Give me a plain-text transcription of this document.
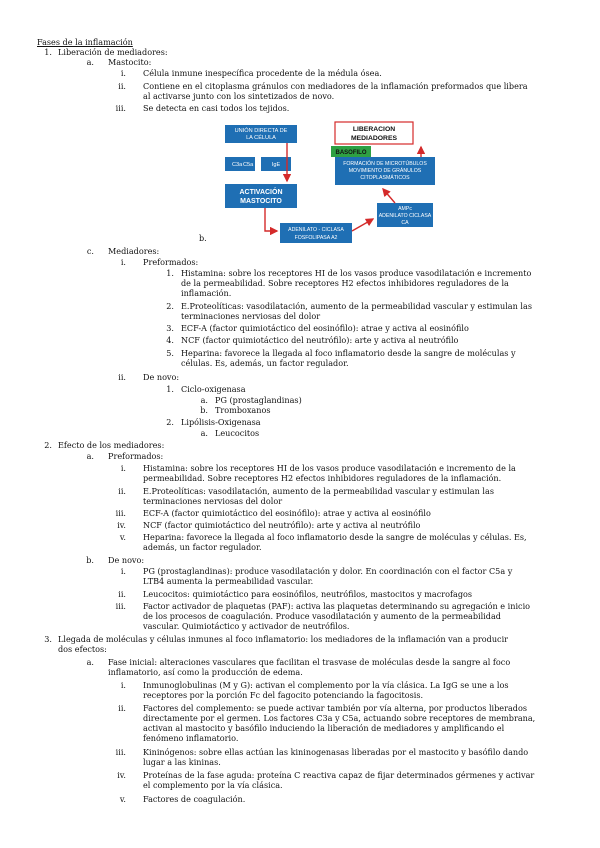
Fases de la inflamación
1. Liberación de mediadores:
a. Mastocito:
i. Célula inmune inespecífica procedente de la médula ósea.
ii. Contiene en el citoplasma gránulos con mediadores de la inflamación preformados que libera
al activarse junto con los sintetizados de novo.
iii. Se detecta en casi todos los tejidos.
UNIÓN DIRECTA DE
LA CÉLULA
C3a C5a	IgE
ACTIVACIÓN
MASTOCITO
LIBERACION
MEDIADORES
BASOFILO
FORMACIÓN DE MICROTÚBULOS
MOVIMIENTO DE GRÁNULOS
CITOPLASMÁTICOS
AMPc
ADENILATO CICLASA
CA
ADENILATO - CICLASA
FOSFOLIPASA A2
b.
c. Mediadores:
i. Preformados:
1. Histamina: sobre los receptores HI de los vasos produce vasodilatación e incremento
de la permeabilidad. Sobre receptores H2 efectos inhibidores reguladores de la
inflamación.
2. E.Proteolíticas: vasodilatación, aumento de la permeabilidad vascular y estimulan las
terminaciones nerviosas del dolor
3. ECF-A (factor quimiotáctico del eosinófilo): atrae y activa al eosinófilo
4. NCF (factor quimiotáctico del neutrófilo): arte y activa al neutrófilo
5. Heparina: favorece la llegada al foco inflamatorio desde la sangre de moléculas y
células. Es, además, un factor regulador.
ii. De novo:
1. Ciclo-oxigenasa
a. PG (prostaglandinas)
b. Tromboxanos
2. Lipólisis-Oxigenasa
a. Leucocitos
2. Efecto de los mediadores:
a. Preformados:
i. Histamina: sobre los receptores HI de los vasos produce vasodilatación e incremento de la
permeabilidad. Sobre receptores H2 efectos inhibidores reguladores de la inflamación.
ii. E.Proteolíticas: vasodilatación, aumento de la permeabilidad vascular y estimulan las
terminaciones nerviosas del dolor
iii. ECF-A (factor quimiotáctico del eosinófilo): atrae y activa al eosinófilo
iv. NCF (factor quimiotáctico del neutrófilo): arte y activa al neutrófilo
v. Heparina: favorece la llegada al foco inflamatorio desde la sangre de moléculas y células. Es,
además, un factor regulador.
b. De novo:
i. PG (prostaglandinas): produce vasodilatación y dolor. En coordinación con el factor C5a y
LTB4 aumenta la permeabilidad vascular.
ii. Leucocitos: quimiotáctico para eosinófilos, neutrófilos, mastocitos y macrofagos
iii. Factor activador de plaquetas (PAF): activa las plaquetas determinando su agregación e inicio
de los procesos de coagulación. Produce vasodilatación y aumento de la permeabilidad
vascular. Quimiotáctico y activador de neutrófilos.
3. Llegada de moléculas y células inmunes al foco inflamatorio: los mediadores de la inflamación van a producir
dos efectos:
a. Fase inicial: alteraciones vasculares que facilitan el trasvase de moléculas desde la sangre al foco
inflamatorio, así como la producción de edema.
i. Inmunoglobulinas (M y G): activan el complemento por la vía clásica. La IgG se une a los
receptores por la porción Fc del fagocito potenciando la fagocitosis.
ii. Factores del complemento: se puede activar también por vía alterna, por productos liberados
directamente por el germen. Los factores C3a y C5a, actuando sobre receptores de membrana,
activan al mastocito y basófilo induciendo la liberación de mediadores y amplificando el
fenómeno inflamatorio.
iii. Kininógenos: sobre ellas actúan las kininogenasas liberadas por el mastocito y basófilo dando
lugar a las kininas.
iv. Proteínas de la fase aguda: proteína C reactiva capaz de fijar determinados gérmenes y activar
el complemento por la vía clásica.
v. Factores de coagulación.
